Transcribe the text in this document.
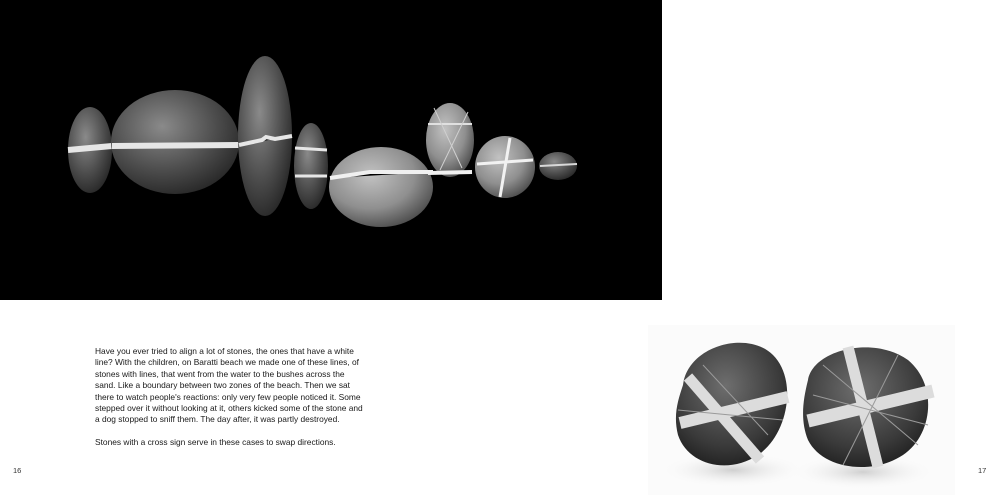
Have you ever tried to align a lot of stones, the ones that have a white line? With the children, on Baratti beach we made one of these lines, of stones with lines, that went from the water to the bushes across the sand. Like a boundary between two zones of the beach. Then we sat there to watch people's reactions: only very few people noticed it. Some stepped over it without looking at it, others kicked some of the stone and a dog stopped to sniff them. The day after, it was partly destroyed.

Stones with a cross sign serve in these cases to swap directions.

16	17
